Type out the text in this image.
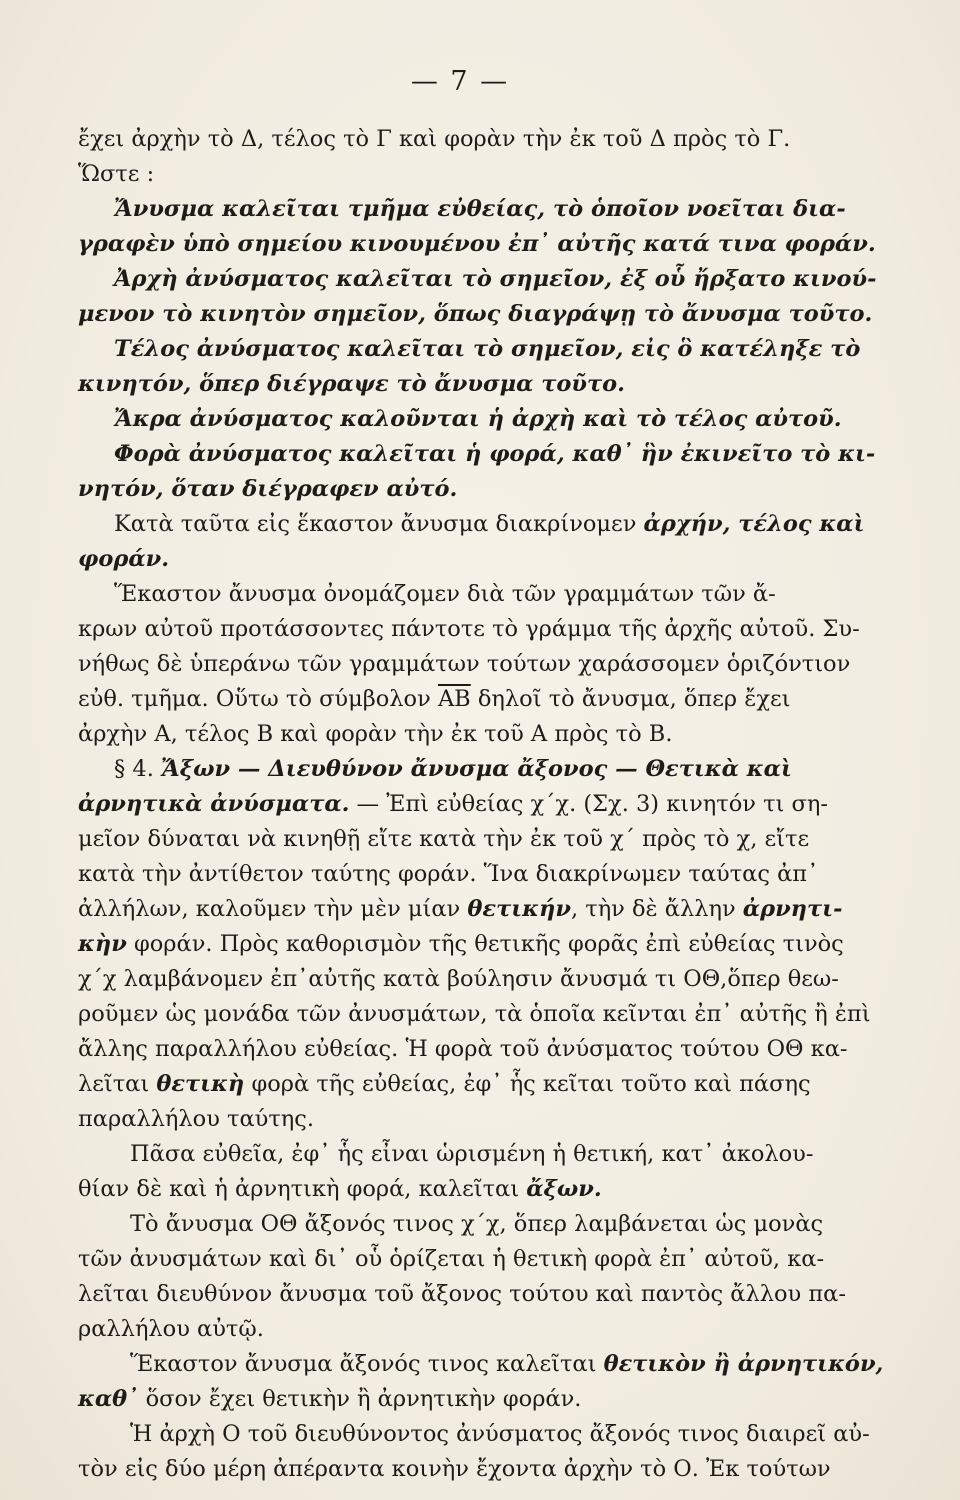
— 7 —
ἔχει ἀρχὴν τὸ Δ, τέλος τὸ Γ καὶ φορὰν τὴν ἐκ τοῦ Δ πρὸς τὸ Γ.
Ὥστε :
Ἄνυσμα καλεῖται τμῆμα εὐθείας, τὸ ὁποῖον νοεῖται δια-
γραφὲν ὑπὸ σημείου κινουμένου ἐπ᾽ αὐτῆς κατά τινα φοράν.
Ἀρχὴ ἀνύσματος καλεῖται τὸ σημεῖον, ἐξ οὗ ἤρξατο κινού-
μενον τὸ κινητὸν σημεῖον, ὅπως διαγράψῃ τὸ ἄνυσμα τοῦτο.
Τέλος ἀνύσματος καλεῖται τὸ σημεῖον, εἰς ὃ κατέληξε τὸ
κινητόν, ὅπερ διέγραψε τὸ ἄνυσμα τοῦτο.
Ἄκρα ἀνύσματος καλοῦνται ἡ ἀρχὴ καὶ τὸ τέλος αὐτοῦ.
Φορὰ ἀνύσματος καλεῖται ἡ φορά, καθ᾽ ἣν ἐκινεῖτο τὸ κι-
νητόν, ὅταν διέγραφεν αὐτό.
Κατὰ ταῦτα εἰς ἕκαστον ἄνυσμα διακρίνομεν ἀρχήν, τέλος καὶ
φοράν.
Ἕκαστον ἄνυσμα ὀνομάζομεν διὰ τῶν γραμμάτων τῶν ἄ-
κρων αὐτοῦ προτάσσοντες πάντοτε τὸ γράμμα τῆς ἀρχῆς αὐτοῦ. Συ-
νήθως δὲ ὑπεράνω τῶν γραμμάτων τούτων χαράσσομεν ὁριζόντιον
εὐθ. τμῆμα. Οὕτω τὸ σύμβολον $\overline{AB}$ δηλοῖ τὸ ἄνυσμα, ὅπερ ἔχει
ἀρχὴν Α, τέλος Β καὶ φορὰν τὴν ἐκ τοῦ Α πρὸς τὸ Β.
§ 4. Ἄξων — Διευθύνον ἄνυσμα ἄξονος — Θετικὰ καὶ
ἀρνητικὰ ἀνύσματα. — Ἐπὶ εὐθείας χ΄χ. (Σχ. 3) κινητόν τι ση-
μεῖον δύναται νὰ κινηθῇ εἴτε κατὰ τὴν ἐκ τοῦ χ΄ πρὸς τὸ χ, εἴτε
κατὰ τὴν ἀντίθετον ταύτης φοράν. Ἵνα διακρίνωμεν ταύτας ἀπ᾽
ἀλλήλων, καλοῦμεν τὴν μὲν μίαν θετικήν, τὴν δὲ ἄλλην ἀρνητι-
κὴν φοράν. Πρὸς καθορισμὸν τῆς θετικῆς φορᾶς ἐπὶ εὐθείας τινὸς
χ΄χ λαμβάνομεν ἐπ᾽αὐτῆς κατὰ βούλησιν ἄνυσμά τι ΟΘ,ὅπερ θεω-
ροῦμεν ὡς μονάδα τῶν ἀνυσμάτων, τὰ ὁποῖα κεῖνται ἐπ᾽ αὐτῆς ἢ ἐπὶ
ἄλλης παραλλήλου εὐθείας. Ἡ φορὰ τοῦ ἀνύσματος τούτου ΟΘ κα-
λεῖται θετικὴ φορὰ τῆς εὐθείας, ἐφ᾽ ἧς κεῖται τοῦτο καὶ πάσης
παραλλήλου ταύτης.
Πᾶσα εὐθεῖα, ἐφ᾽ ἧς εἶναι ὡρισμένη ἡ θετική, κατ᾽ ἀκολου-
θίαν δὲ καὶ ἡ ἀρνητικὴ φορά, καλεῖται ἄξων.
Τὸ ἄνυσμα ΟΘ ἄξονός τινος χ΄χ, ὅπερ λαμβάνεται ὡς μονὰς
τῶν ἀνυσμάτων καὶ δι᾽ οὗ ὁρίζεται ἡ θετικὴ φορὰ ἐπ᾽ αὐτοῦ, κα-
λεῖται διευθύνον ἄνυσμα τοῦ ἄξονος τούτου καὶ παντὸς ἄλλου πα-
ραλλήλου αὐτῷ.
Ἕκαστον ἄνυσμα ἄξονός τινος καλεῖται θετικὸν ἢ ἀρνητικόν,
καθ᾽ ὅσον ἔχει θετικὴν ἢ ἀρνητικὴν φοράν.
Ἡ ἀρχὴ Ο τοῦ διευθύνοντος ἀνύσματος ἄξονός τινος διαιρεῖ αὐ-
τὸν εἰς δύο μέρη ἀπέραντα κοινὴν ἔχοντα ἀρχὴν τὸ Ο. Ἐκ τούτων
